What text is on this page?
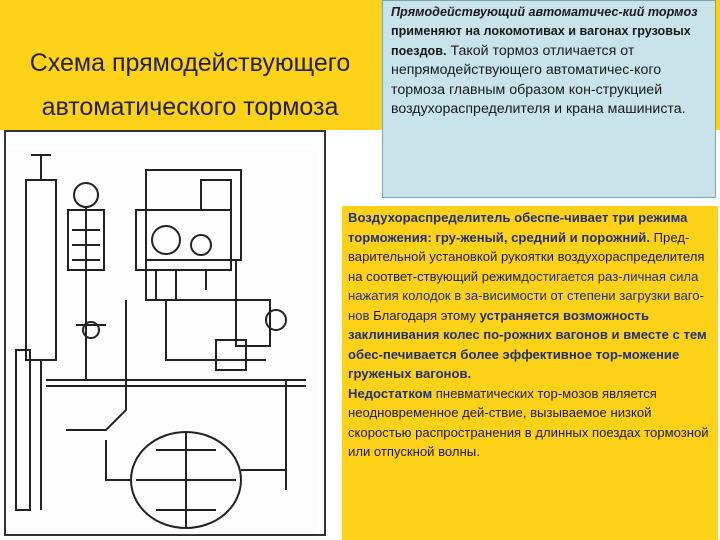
Схема прямодействующего
автоматического тормоза
Прямодействующий автоматичес-кий тормоз применяют на локомотивах и вагонах грузовых поездов. Такой тормоз отличается от непрямодействующего автоматичес-кого тормоза главным образом кон-струкцией воздухораспределителя и крана машиниста.
Воздухораспределитель обеспе-чивает три режима торможения: гру-женый, средний и порожний. Пред-варительной установкой рукоятки воздухораспределителя на соответ-ствующий режимдостигается раз-личная сила нажатия колодок в за-висимости от степени загрузки ваго-нов Благодаря этому устраняется возможность заклинивания колес по-рожних вагонов и вместе с тем обес-печивается более эффективное тор-можение груженых вагонов.
Недостатком пневматических тор-мозов является неодновременное дей-ствие, вызываемое низкой скоростью распространения в длинных поездах тормозной или отпускной волны.
